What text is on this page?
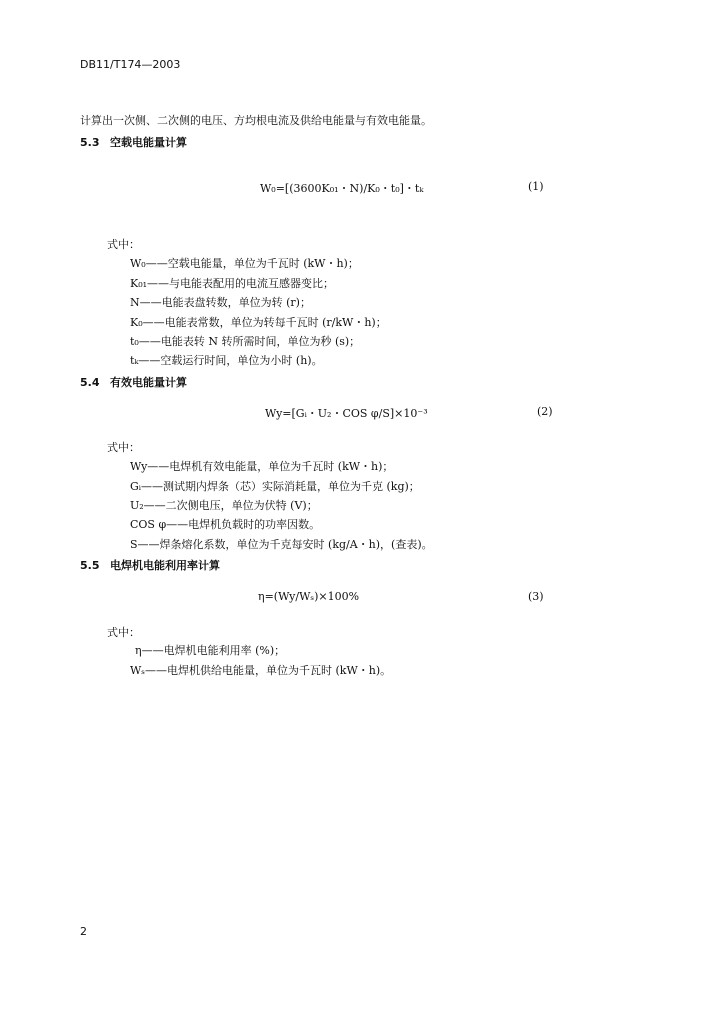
DB11/T174—2003
计算出一次侧、二次侧的电压、方均根电流及供给电能量与有效电能量。
5.3 空载电能量计算
W₀=[(3600K₀₁・N)/K₀・t₀]・tₖ	(1)
式中：
W₀——空载电能量，单位为千瓦时 (kW・h)；
K₀₁——与电能表配用的电流互感器变比；
N——电能表盘转数，单位为转 (r)；
K₀——电能表常数，单位为转每千瓦时 (r/kW・h)；
t₀——电能表转 N 转所需时间，单位为秒 (s)；
tₖ——空载运行时间，单位为小时 (h)。
5.4 有效电能量计算
Wy=[Gᵢ・U₂・COS φ/S]×10⁻³	(2)
式中：
Wy——电焊机有效电能量，单位为千瓦时 (kW・h)；
Gᵢ——测试期内焊条（芯）实际消耗量，单位为千克 (kg)；
U₂——二次侧电压，单位为伏特 (V)；
COS φ——电焊机负载时的功率因数。
S——焊条熔化系数，单位为千克每安时 (kg/A・h)，(查表)。
5.5 电焊机电能利用率计算
η=(Wy/Wₛ)×100%	(3)
式中：
η——电焊机电能利用率 (%)；
Wₛ——电焊机供给电能量，单位为千瓦时 (kW・h)。
2
